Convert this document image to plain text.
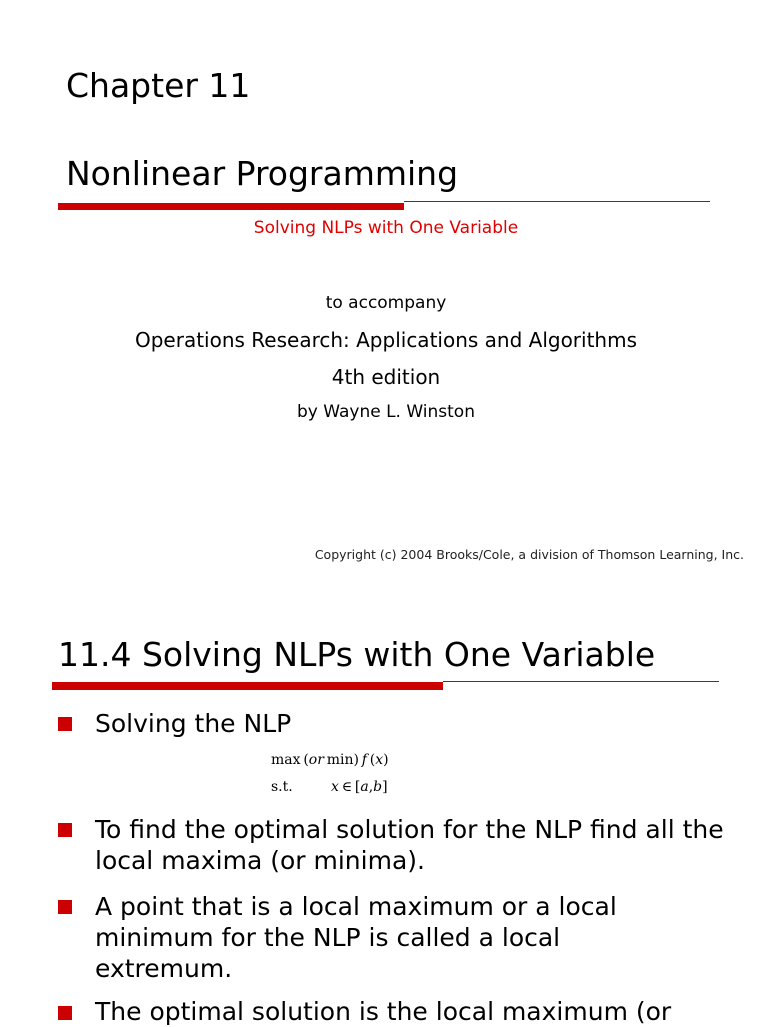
Chapter 11
Nonlinear Programming
Solving NLPs with One Variable
to accompany
Operations Research: Applications and Algorithms
4th edition
by Wayne L. Winston
Copyright (c) 2004 Brooks/Cole, a division of Thomson Learning, Inc.
11.4 Solving NLPs with One Variable
Solving the NLP
max (or min) f (x)
s.t.	x ∈ [a,b]
To find the optimal solution for the NLP find all the local maxima (or minima).
A point that is a local maximum or a local minimum for the NLP is called a local extremum.
The optimal solution is the local maximum (or
